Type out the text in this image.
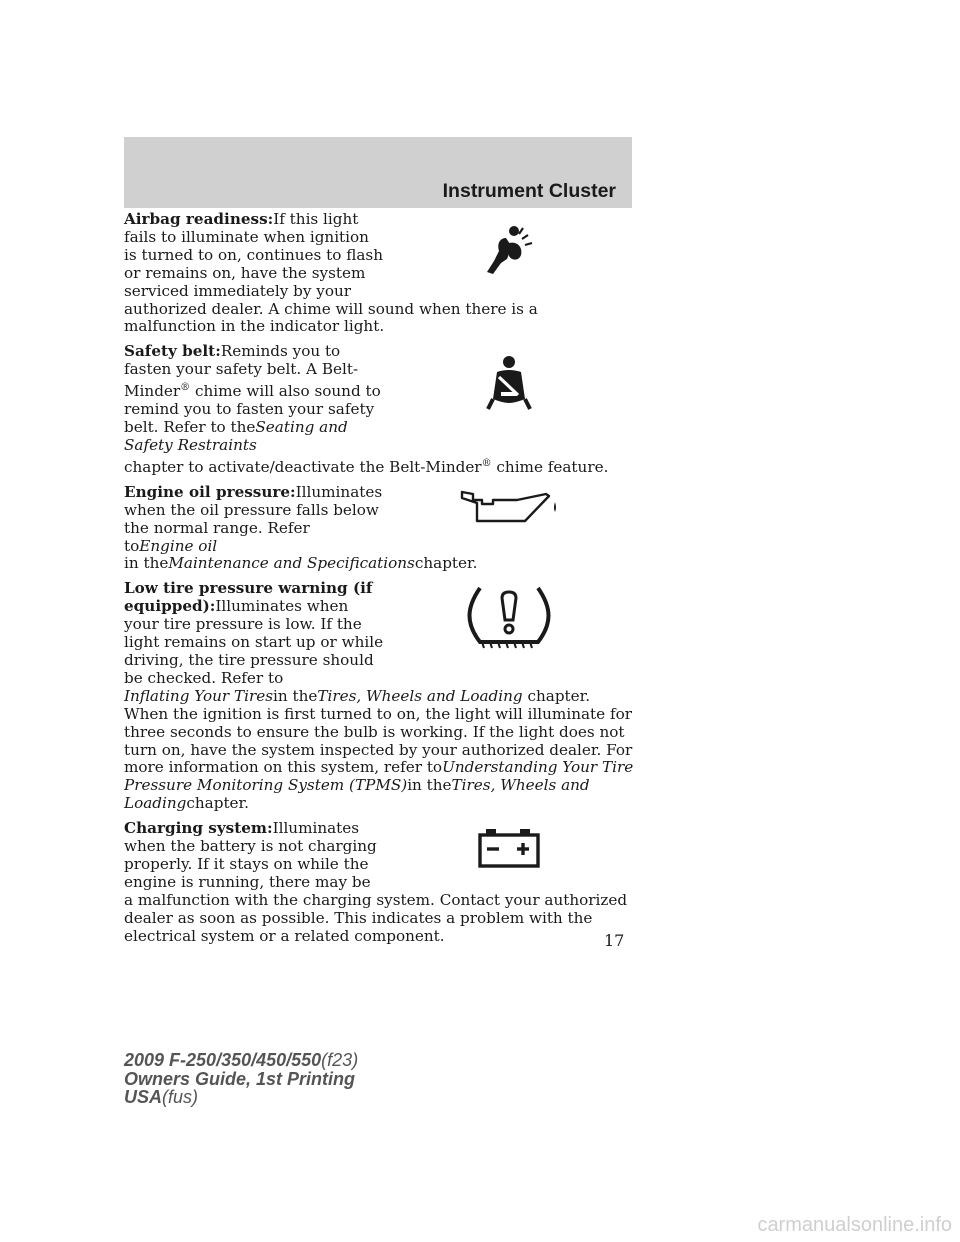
Instrument Cluster

Airbag readiness:If this light fails to illuminate when ignition is turned to on, continues to flash or remains on, have the system serviced immediately by your authorized dealer. A chime will sound when there is a malfunction in the indicator light.

Safety belt:Reminds you to fasten your safety belt. A Belt-Minder® chime will also sound to remind you to fasten your safety belt. Refer to theSeating and Safety Restraints
chapter to activate/deactivate the Belt-Minder® chime feature.

Engine oil pressure:Illuminates when the oil pressure falls below the normal range. Refer toEngine oil
in theMaintenance and Specificationschapter.

Low tire pressure warning (if equipped):Illuminates when your tire pressure is low. If the light remains on start up or while driving, the tire pressure should be checked. Refer to
Inflating Your Tiresin theTires, Wheels and Loading chapter. When the ignition is first turned to on, the light will illuminate for three seconds to ensure the bulb is working. If the light does not turn on, have the system inspected by your authorized dealer. For more information on this system, refer toUnderstanding Your Tire Pressure Monitoring System (TPMS)in theTires, Wheels and Loadingchapter.

Charging system:Illuminates when the battery is not charging properly. If it stays on while the engine is running, there may be a malfunction with the charging system. Contact your authorized dealer as soon as possible. This indicates a problem with the electrical system or a related component.	17
2009 F-250/350/450/550(f23)
Owners Guide, 1st Printing
USA(fus)
carmanualsonline.info
